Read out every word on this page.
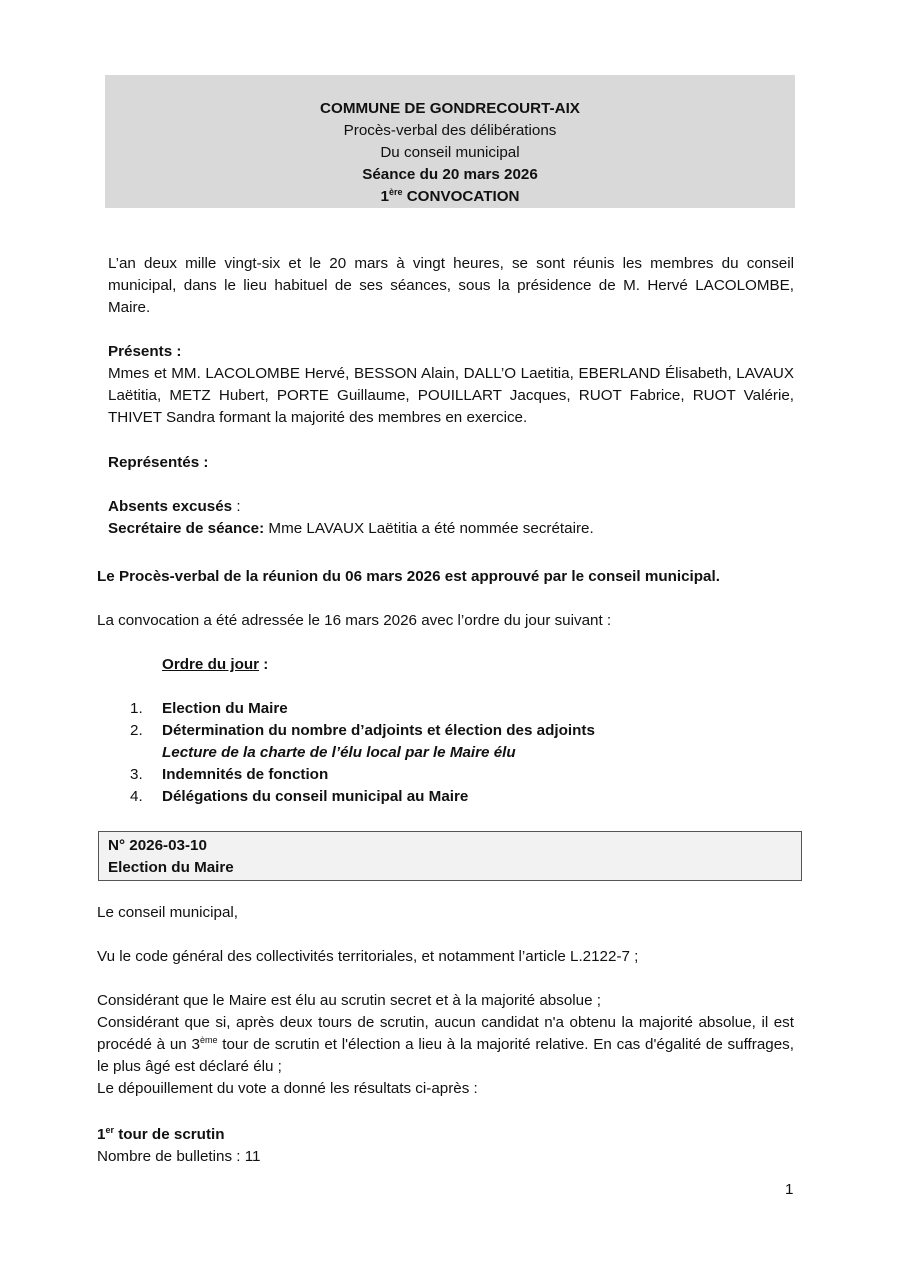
COMMUNE DE GONDRECOURT-AIX
Procès-verbal des délibérations
Du conseil municipal
Séance du 20 mars 2026
1ère CONVOCATION
L’an deux mille vingt-six et le 20 mars à vingt heures, se sont réunis les membres du conseil municipal, dans le lieu habituel de ses séances, sous la présidence de M. Hervé LACOLOMBE, Maire.
Présents :
Mmes et MM. LACOLOMBE Hervé, BESSON Alain, DALL’O Laetitia, EBERLAND Élisabeth, LAVAUX Laëtitia, METZ Hubert, PORTE Guillaume, POUILLART Jacques, RUOT Fabrice, RUOT Valérie, THIVET Sandra formant la majorité des membres en exercice.
Représentés :
Absents excusés :
Secrétaire de séance: Mme LAVAUX Laëtitia a été nommée secrétaire.
Le Procès-verbal de la réunion du 06 mars 2026 est approuvé par le conseil municipal.
La convocation a été adressée le 16 mars 2026 avec l’ordre du jour suivant :
Ordre du jour :
1.	Election du Maire
2.	Détermination du nombre d’adjoints et élection des adjoints
Lecture de la charte de l’élu local par le Maire élu
3.	Indemnités de fonction
4.	Délégations du conseil municipal au Maire
N° 2026-03-10
Election du Maire
Le conseil municipal,
Vu le code général des collectivités territoriales, et notamment l’article L.2122-7 ;
Considérant que le Maire est élu au scrutin secret et à la majorité absolue ;
Considérant que si, après deux tours de scrutin, aucun candidat n'a obtenu la majorité absolue, il est procédé à un 3ème tour de scrutin et l'élection a lieu à la majorité relative. En cas d'égalité de suffrages, le plus âgé est déclaré élu ;
Le dépouillement du vote a donné les résultats ci-après :
1er tour de scrutin
Nombre de bulletins : 11
1
